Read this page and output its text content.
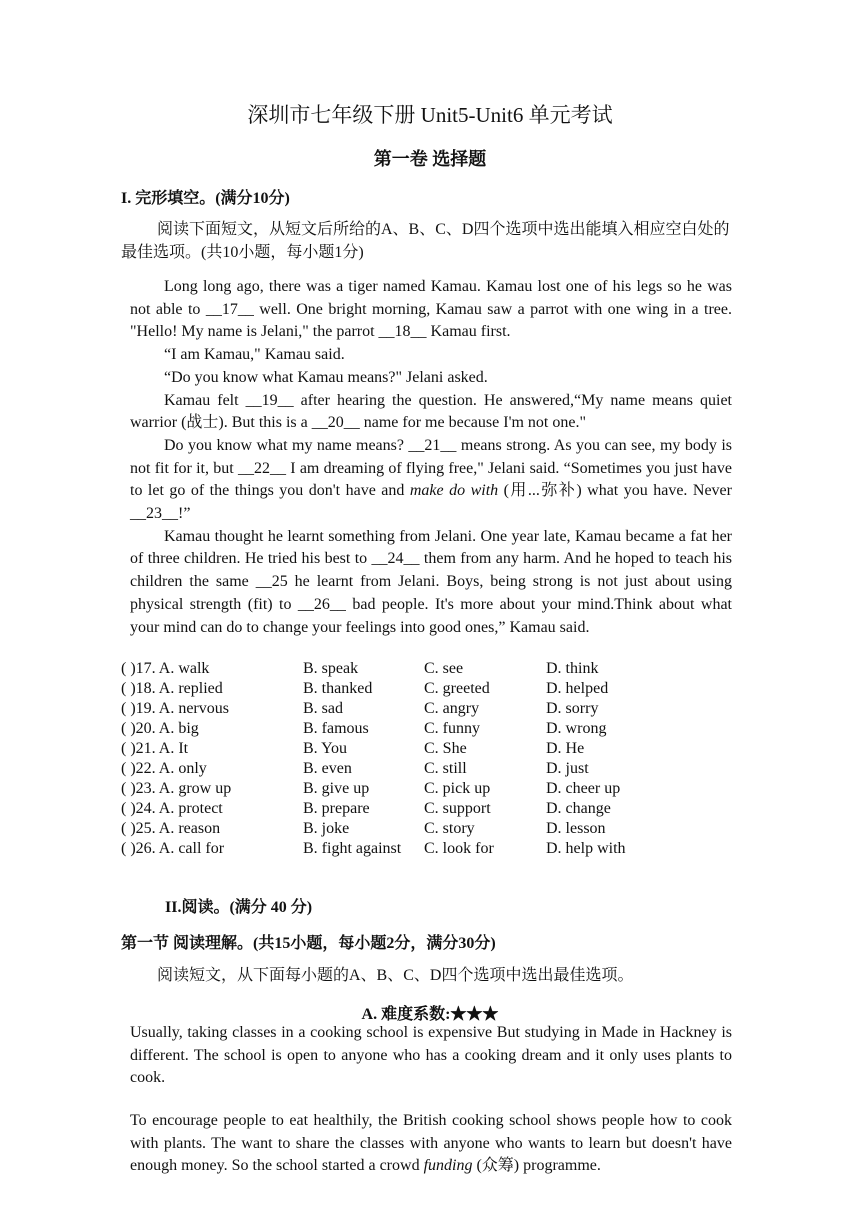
深圳市七年级下册 Unit5-Unit6 单元考试
第一卷 选择题
I. 完形填空。(满分10分)
阅读下面短文，从短文后所给的A、B、C、D四个选项中选出能填入相应空白处的最佳选项。(共10小题，每小题1分)

Long long ago, there was a tiger named Kamau. Kamau lost one of his legs so he was not able to __17__ well. One bright morning, Kamau saw a parrot with one wing in a tree. "Hello! My name is Jelani," the parrot __18__ Kamau first.

“I am Kamau," Kamau said.

“Do you know what Kamau means?" Jelani asked.

Kamau felt __19__ after hearing the question. He answered,“My name means quiet warrior (战士). But this is a __20__ name for me because I'm not one."

Do you know what my name means? __21__ means strong. As you can see, my body is not fit for it, but __22__ I am dreaming of flying free," Jelani said. “Sometimes you just have to let go of the things you don't have and make do with (用...弥补) what you have. Never __23__!”

Kamau thought he learnt something from Jelani. One year late, Kamau became a fat her of three children. He tried his best to __24__ them from any harm. And he hoped to teach his children the same __25 he learnt from Jelani. Boys, being strong is not just about using physical strength (fit) to __26__ bad people. It's more about your mind.Think about what your mind can do to change your feelings into good ones,” Kamau said.

( )17. A. walk	B. speak	C. see	D. think
( )18. A. replied	B. thanked	C. greeted	D. helped
( )19. A. nervous	B. sad	C. angry	D. sorry
( )20. A. big	B. famous	C. funny	D. wrong
( )21. A. It	B. You	C. She	D. He
( )22. A. only	B. even	C. still	D. just
( )23. A. grow up	B. give up	C. pick up	D. cheer up
( )24. A. protect	B. prepare	C. support	D. change
( )25. A. reason	B. joke	C. story	D. lesson
( )26. A. call for	B. fight against C. look for	D. help with
II.阅读。(满分 40 分)
第一节 阅读理解。(共15小题，每小题2分，满分30分)
阅读短文，从下面每小题的A、B、C、D四个选项中选出最佳选项。
A. 难度系数:★★★

Usually, taking classes in a cooking school is expensive But studying in Made in Hackney is different. The school is open to anyone who has a cooking dream and it only uses plants to cook.

To encourage people to eat healthily, the British cooking school shows people how to cook with plants. The want to share the classes with anyone who wants to learn but doesn't have enough money. So the school started a crowd funding (众筹) programme.
